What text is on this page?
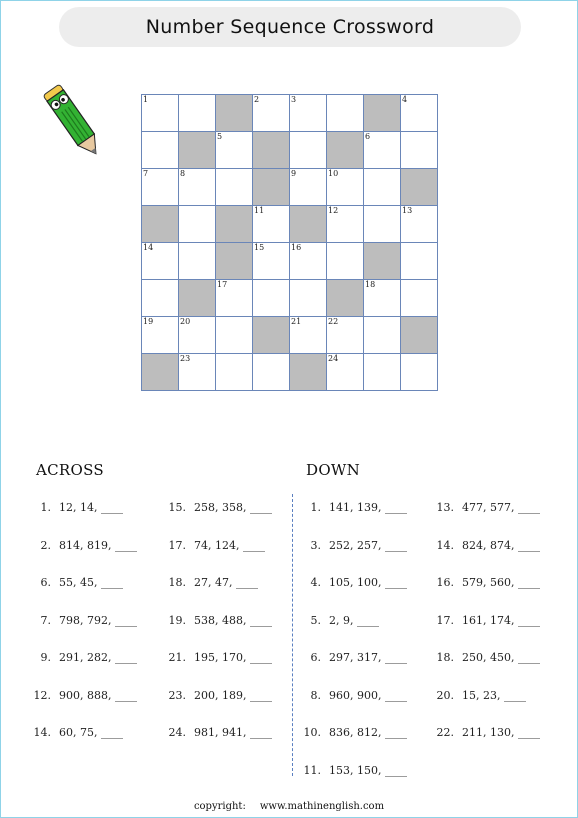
Number Sequence Crossword
1	2	3	4
5	6
7	8	9	10
11	12	13
14	15	16
17	18
19	20	21	22
23	24
ACROSS	DOWN
1. 12, 14, ____
2. 814, 819, ____
6. 55, 45, ____
7. 798, 792, ____
9. 291, 282, ____
12. 900, 888, ____
14. 60, 75, ____
15. 258, 358, ____
17. 74, 124, ____
18. 27, 47, ____
19. 538, 488, ____
21. 195, 170, ____
23. 200, 189, ____
24. 981, 941, ____
1. 141, 139, ____
3. 252, 257, ____
4. 105, 100, ____
5. 2, 9, ____
6. 297, 317, ____
8. 960, 900, ____
10. 836, 812, ____
11. 153, 150, ____
13. 477, 577, ____
14. 824, 874, ____
16. 579, 560, ____
17. 161, 174, ____
18. 250, 450, ____
20. 15, 23, ____
22. 211, 130, ____
copyright: www.mathinenglish.com
